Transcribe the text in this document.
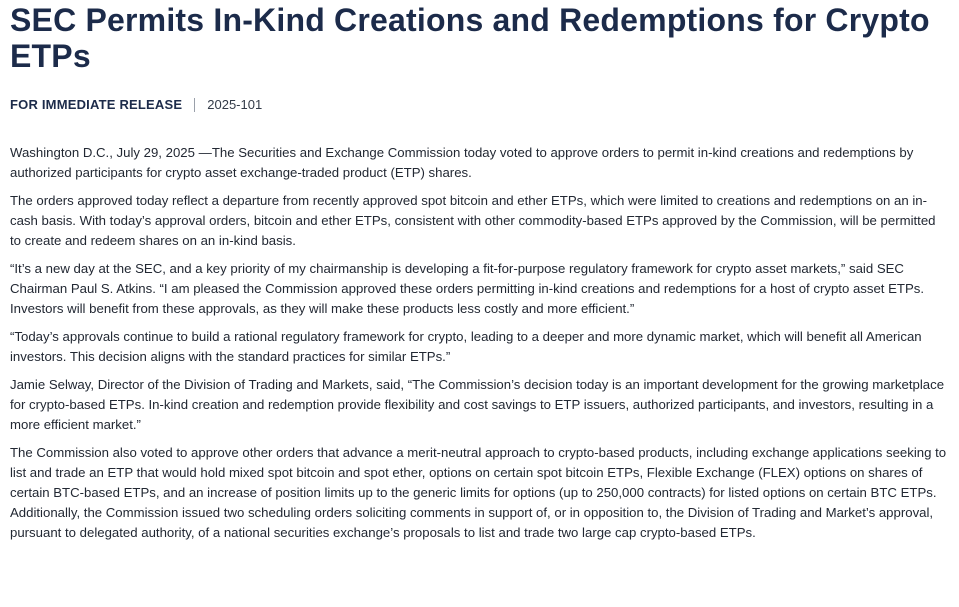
SEC Permits In-Kind Creations and Redemptions for Crypto ETPs
FOR IMMEDIATE RELEASE 2025-101

Washington D.C., July 29, 2025 —The Securities and Exchange Commission today voted to approve orders to permit in-kind creations and redemptions by authorized participants for crypto asset exchange-traded product (ETP) shares.

The orders approved today reflect a departure from recently approved spot bitcoin and ether ETPs, which were limited to creations and redemptions on an in-cash basis. With today’s approval orders, bitcoin and ether ETPs, consistent with other commodity-based ETPs approved by the Commission, will be permitted to create and redeem shares on an in-kind basis.

“It’s a new day at the SEC, and a key priority of my chairmanship is developing a fit-for-purpose regulatory framework for crypto asset markets,” said SEC Chairman Paul S. Atkins. “I am pleased the Commission approved these orders permitting in-kind creations and redemptions for a host of crypto asset ETPs. Investors will benefit from these approvals, as they will make these products less costly and more efficient.”

“Today’s approvals continue to build a rational regulatory framework for crypto, leading to a deeper and more dynamic market, which will benefit all American investors. This decision aligns with the standard practices for similar ETPs.”

Jamie Selway, Director of the Division of Trading and Markets, said, “The Commission’s decision today is an important development for the growing marketplace for crypto-based ETPs. In-kind creation and redemption provide flexibility and cost savings to ETP issuers, authorized participants, and investors, resulting in a more efficient market.”

The Commission also voted to approve other orders that advance a merit-neutral approach to crypto-based products, including exchange applications seeking to list and trade an ETP that would hold mixed spot bitcoin and spot ether, options on certain spot bitcoin ETPs, Flexible Exchange (FLEX) options on shares of certain BTC-based ETPs, and an increase of position limits up to the generic limits for options (up to 250,000 contracts) for listed options on certain BTC ETPs. Additionally, the Commission issued two scheduling orders soliciting comments in support of, or in opposition to, the Division of Trading and Market’s approval, pursuant to delegated authority, of a national securities exchange’s proposals to list and trade two large cap crypto-based ETPs.
